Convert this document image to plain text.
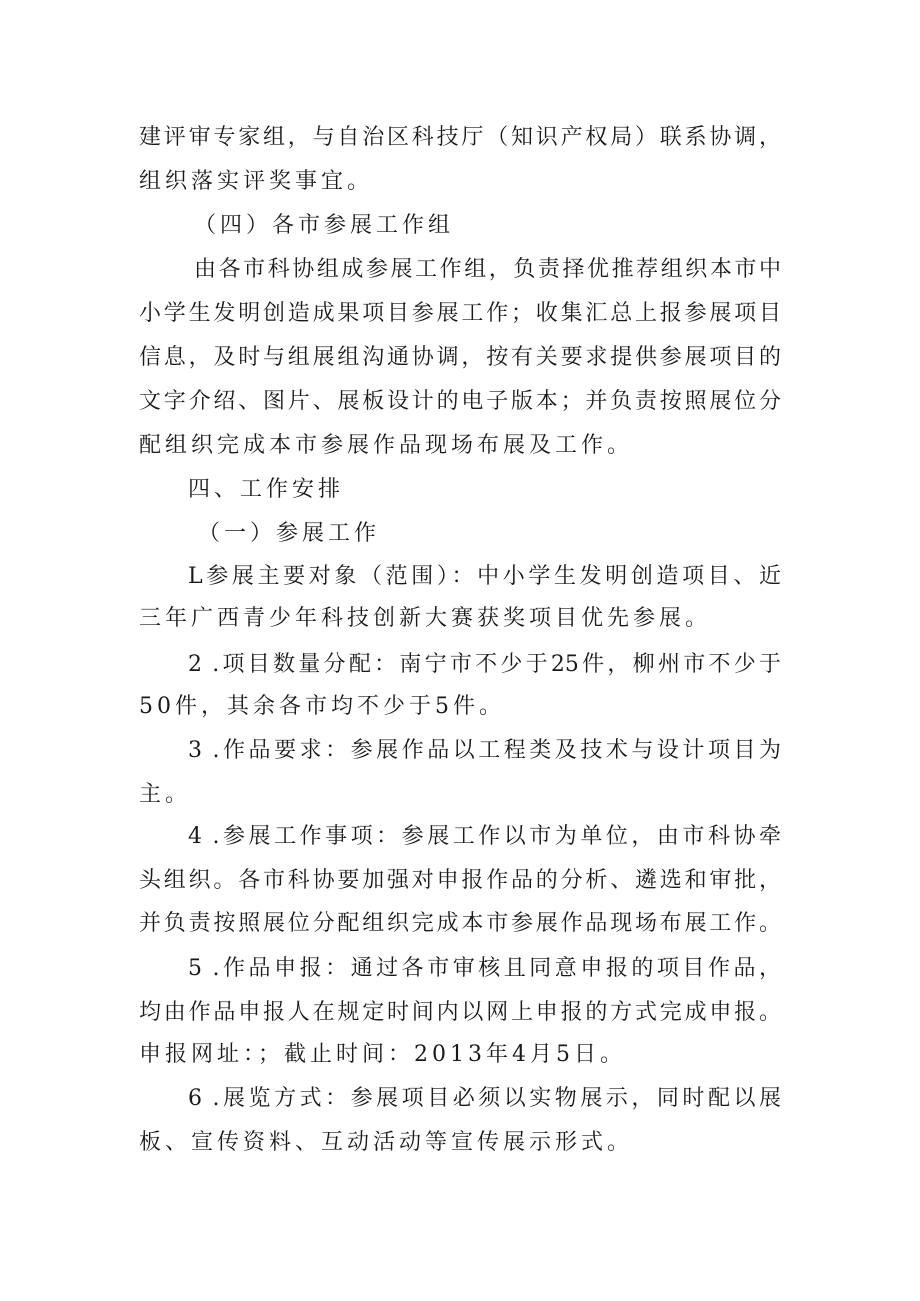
建评审专家组，与自治区科技厅（知识产权局）联系协调，

组织落实评奖事宜。

（四）各市参展工作组

由各市科协组成参展工作组，负责择优推荐组织本市中

小学生发明创造成果项目参展工作；收集汇总上报参展项目

信息，及时与组展组沟通协调，按有关要求提供参展项目的

文字介绍、图片、展板设计的电子版本；并负责按照展位分

配组织完成本市参展作品现场布展及工作。

四、工作安排

（一）参展工作

L参展主要对象（范围）：中小学生发明创造项目、近

三年广西青少年科技创新大赛获奖项目优先参展。

2 .项目数量分配：南宁市不少于25件，柳州市不少于

50件，其余各市均不少于5件。

3 .作品要求：参展作品以工程类及技术与设计项目为

主。

4 .参展工作事项：参展工作以市为单位，由市科协牵

头组织。各市科协要加强对申报作品的分析、遴选和审批，

并负责按照展位分配组织完成本市参展作品现场布展工作。

5 .作品申报：通过各市审核且同意申报的项目作品，

均由作品申报人在规定时间内以网上申报的方式完成申报。

申报网址：；截止时间：2013年4月5日。

6 .展览方式：参展项目必须以实物展示，同时配以展

板、宣传资料、互动活动等宣传展示形式。
